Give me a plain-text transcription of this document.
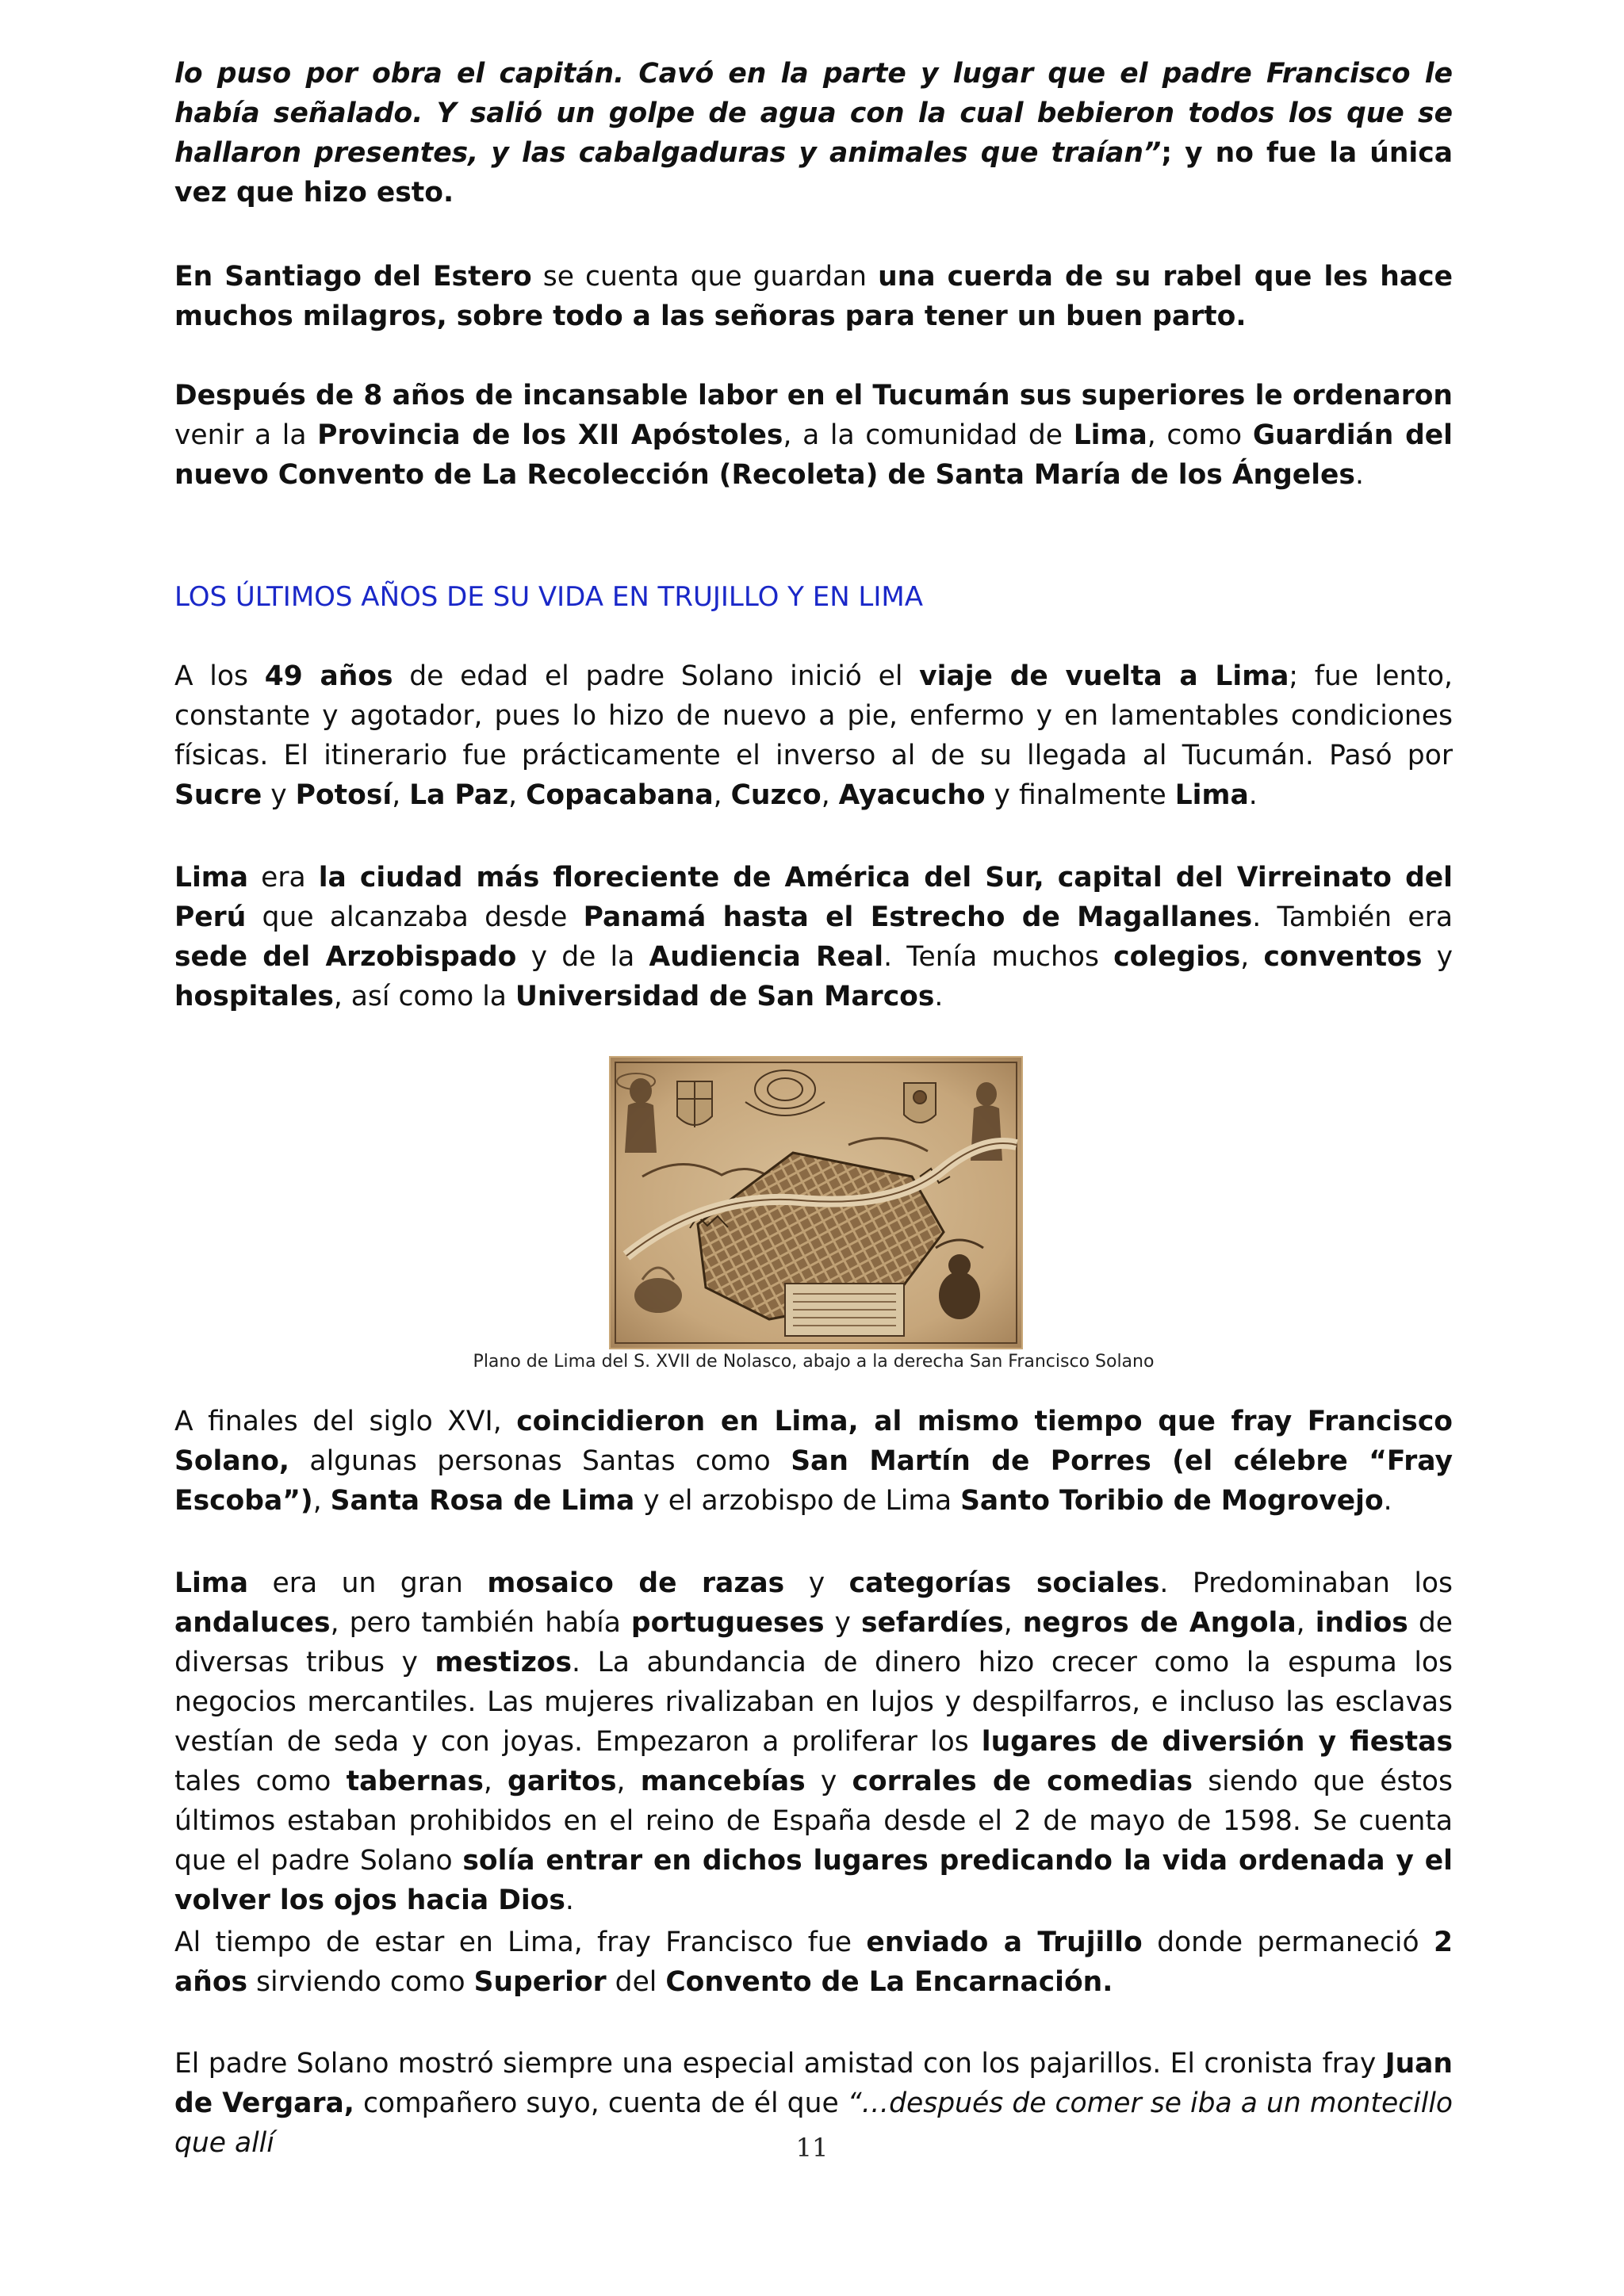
lo puso por obra el capitán. Cavó en la parte y lugar que el padre Francisco le había señalado. Y salió un golpe de agua con la cual bebieron todos los que se hallaron presentes, y las cabalgaduras y animales que traían”; y no fue la única vez que hizo esto.

En Santiago del Estero se cuenta que guardan una cuerda de su rabel que les hace muchos milagros, sobre todo a las señoras para tener un buen parto.

Después de 8 años de incansable labor en el Tucumán sus superiores le ordenaron venir a la Provincia de los XII Apóstoles, a la comunidad de Lima, como Guardián del nuevo Convento de La Recolección (Recoleta) de Santa María de los Ángeles.

LOS ÚLTIMOS AÑOS DE SU VIDA EN TRUJILLO Y EN LIMA

A los 49 años de edad el padre Solano inició el viaje de vuelta a Lima; fue lento, constante y agotador, pues lo hizo de nuevo a pie, enfermo y en lamentables condiciones físicas. El itinerario fue prácticamente el inverso al de su llegada al Tucumán. Pasó por Sucre y Potosí, La Paz, Copacabana, Cuzco, Ayacucho y finalmente Lima.

Lima era la ciudad más floreciente de América del Sur, capital del Virreinato del Perú que alcanzaba desde Panamá hasta el Estrecho de Magallanes. También era sede del Arzobispado y de la Audiencia Real. Tenía muchos colegios, conventos y hospitales, así como la Universidad de San Marcos.

Plano de Lima del S. XVII de Nolasco, abajo a la derecha San Francisco Solano

A finales del siglo XVI, coincidieron en Lima, al mismo tiempo que fray Francisco Solano, algunas personas Santas como San Martín de Porres (el célebre “Fray Escoba”), Santa Rosa de Lima y el arzobispo de Lima Santo Toribio de Mogrovejo.

Lima era un gran mosaico de razas y categorías sociales. Predominaban los andaluces, pero también había portugueses y sefardíes, negros de Angola, indios de diversas tribus y mestizos. La abundancia de dinero hizo crecer como la espuma los negocios mercantiles. Las mujeres rivalizaban en lujos y despilfarros, e incluso las esclavas vestían de seda y con joyas. Empezaron a proliferar los lugares de diversión y fiestas tales como tabernas, garitos, mancebías y corrales de comedias siendo que éstos últimos estaban prohibidos en el reino de España desde el 2 de mayo de 1598. Se cuenta que el padre Solano solía entrar en dichos lugares predicando la vida ordenada y el volver los ojos hacia Dios.

Al tiempo de estar en Lima, fray Francisco fue enviado a Trujillo donde permaneció 2 años sirviendo como Superior del Convento de La Encarnación.

El padre Solano mostró siempre una especial amistad con los pajarillos. El cronista fray Juan de Vergara, compañero suyo, cuenta de él que “…después de comer se iba a un montecillo que allí	11
